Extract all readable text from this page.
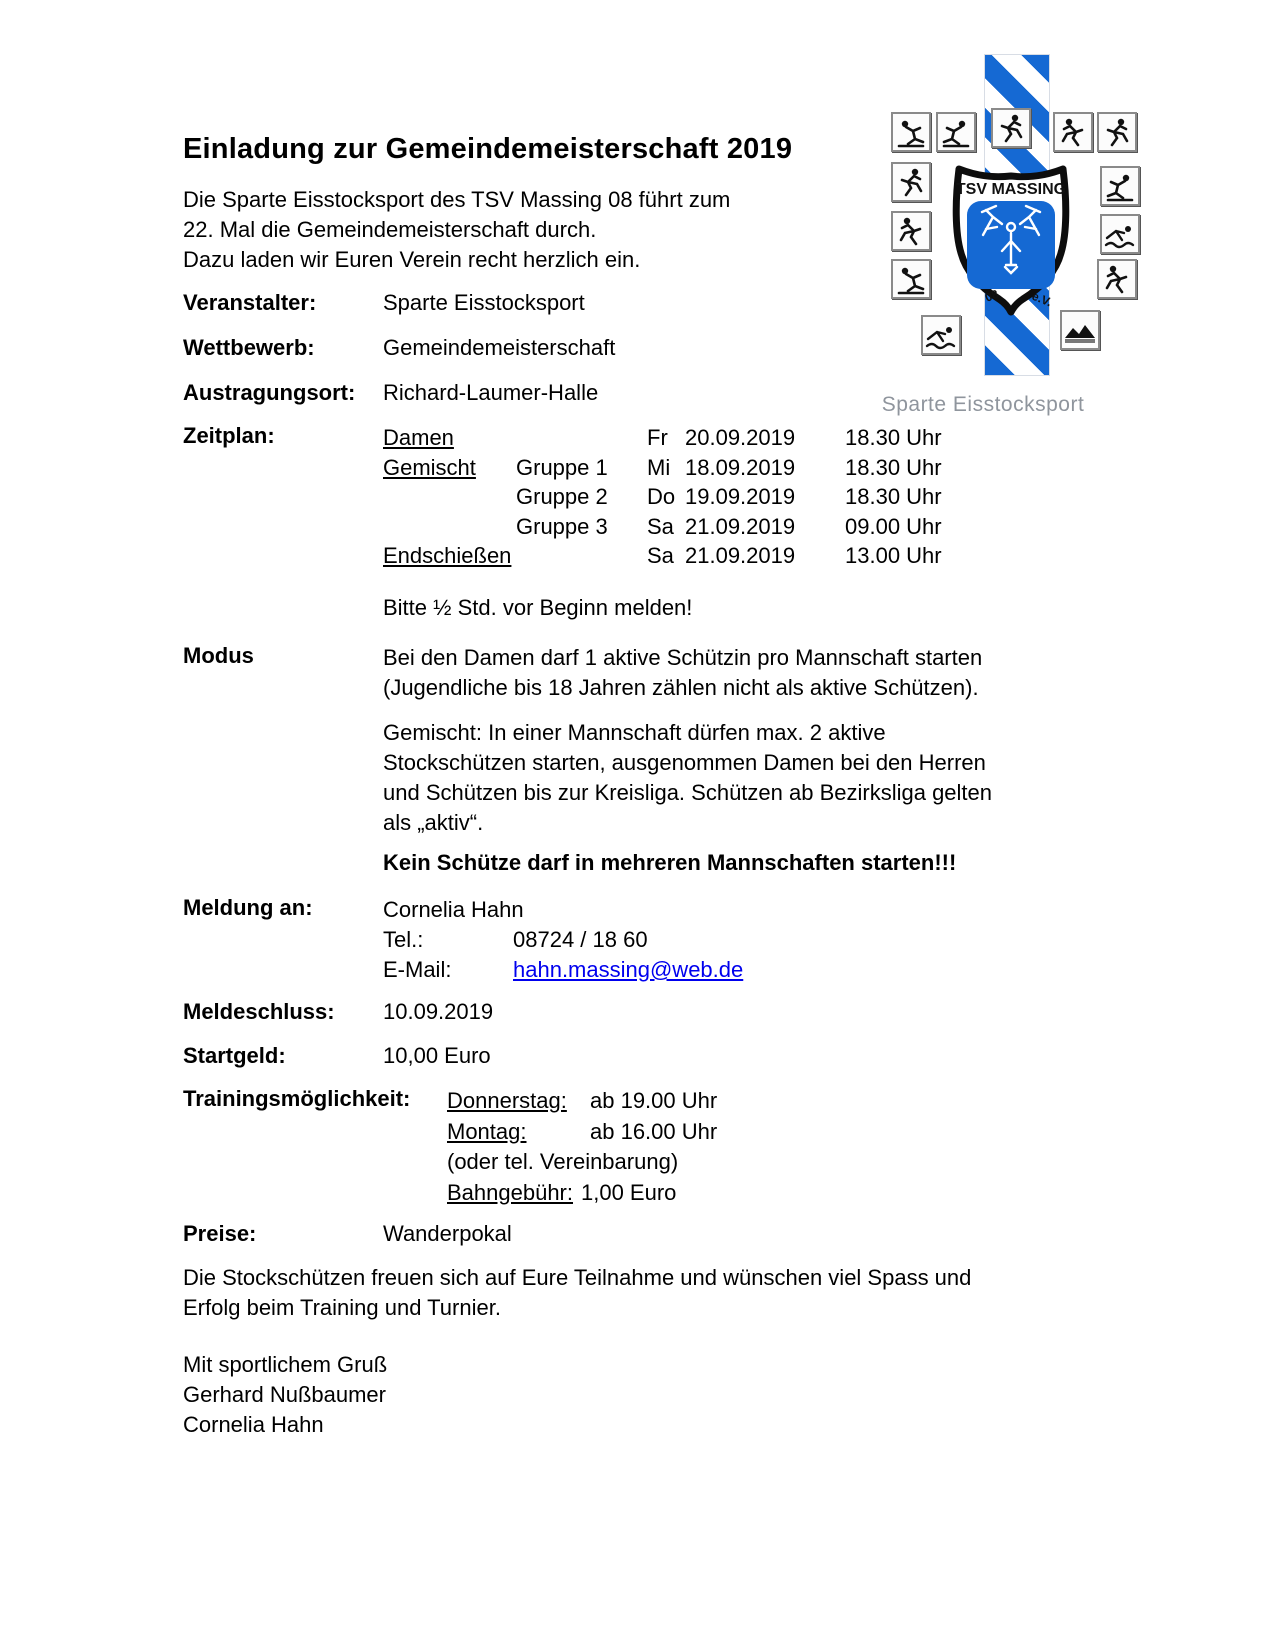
TSV MASSING
08 e.V.
Sparte Eisstocksport
Einladung zur Gemeindemeisterschaft 2019
Die Sparte Eisstocksport des TSV Massing 08 führt zum
22. Mal die Gemeindemeisterschaft durch.
Dazu laden wir Euren Verein recht herzlich ein.
Veranstalter:	Sparte Eisstocksport
Wettbewerb:	Gemeindemeisterschaft
Austragungsort: Richard-Laumer-Halle
Zeitplan:	Damen	Fr 20.09.2019	18.30 Uhr
Gemischt	Gruppe 1	Mi 18.09.2019	18.30 Uhr
Gruppe 2	Do 19.09.2019	18.30 Uhr
Gruppe 3	Sa 21.09.2019	09.00 Uhr
Endschießen	Sa 21.09.2019	13.00 Uhr
Bitte ½ Std. vor Beginn melden!
Modus	Bei den Damen darf 1 aktive Schützin pro Mannschaft starten
(Jugendliche bis 18 Jahren zählen nicht als aktive Schützen).
Gemischt: In einer Mannschaft dürfen max. 2 aktive
Stockschützen starten, ausgenommen Damen bei den Herren
und Schützen bis zur Kreisliga. Schützen ab Bezirksliga gelten
als „aktiv“.
Kein Schütze darf in mehreren Mannschaften starten!!!
Meldung an:	Cornelia Hahn
Tel.:	08724 / 18 60
E-Mail:	hahn.massing@web.de
Meldeschluss: 10.09.2019
Startgeld:	10,00 Euro
Trainingsmöglichkeit: Donnerstag:	ab 19.00 Uhr
Montag:	ab 16.00 Uhr
(oder tel. Vereinbarung)
Bahngebühr: 1,00 Euro
Preise:	Wanderpokal
Die Stockschützen freuen sich auf Eure Teilnahme und wünschen viel Spass und
Erfolg beim Training und Turnier.
Mit sportlichem Gruß
Gerhard Nußbaumer
Cornelia Hahn
